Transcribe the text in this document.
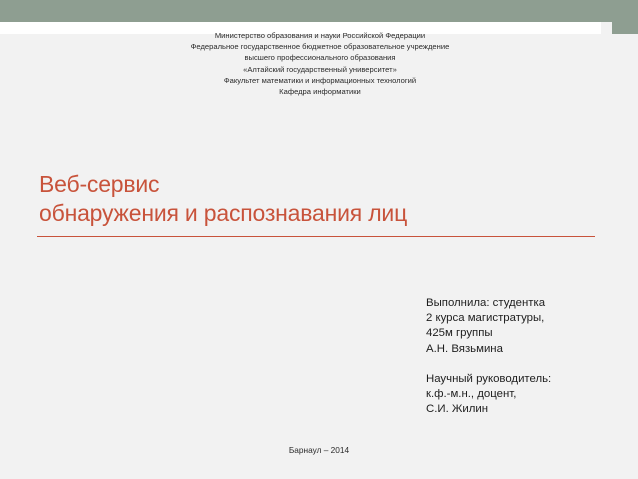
Министерство образования и науки Российской Федерации
Федеральное государственное бюджетное образовательное учреждение
высшего профессионального образования
«Алтайский государственный университет»
Факультет математики и информационных технологий
Кафедра информатики
Веб-сервис
обнаружения и распознавания лиц
Выполнила: студентка
2 курса магистратуры,
425м группы
А.Н. Вязьмина
Научный руководитель:
к.ф.-м.н., доцент,
С.И. Жилин
Барнаул – 2014
